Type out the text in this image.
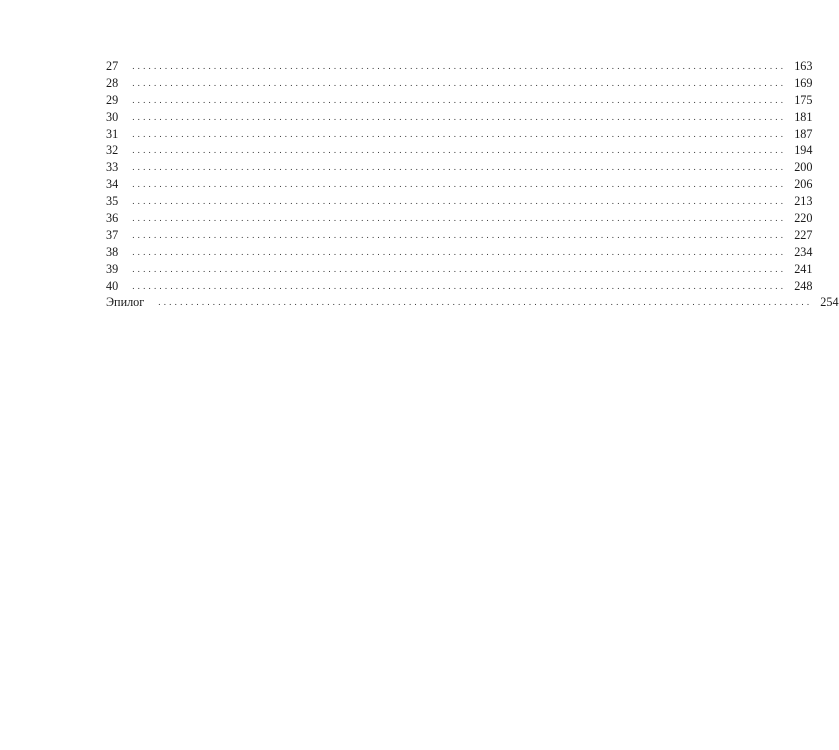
27	........................................................................................................................ 163
28	........................................................................................................................ 169
29	........................................................................................................................ 175
30	........................................................................................................................ 181
31	........................................................................................................................ 187
32	........................................................................................................................ 194
33	........................................................................................................................ 200
34	........................................................................................................................ 206
35	........................................................................................................................ 213
36	........................................................................................................................ 220
37	........................................................................................................................ 227
38	........................................................................................................................ 234
39	........................................................................................................................ 241
40	........................................................................................................................ 248
Эпилог	........................................................................................................................ 254
